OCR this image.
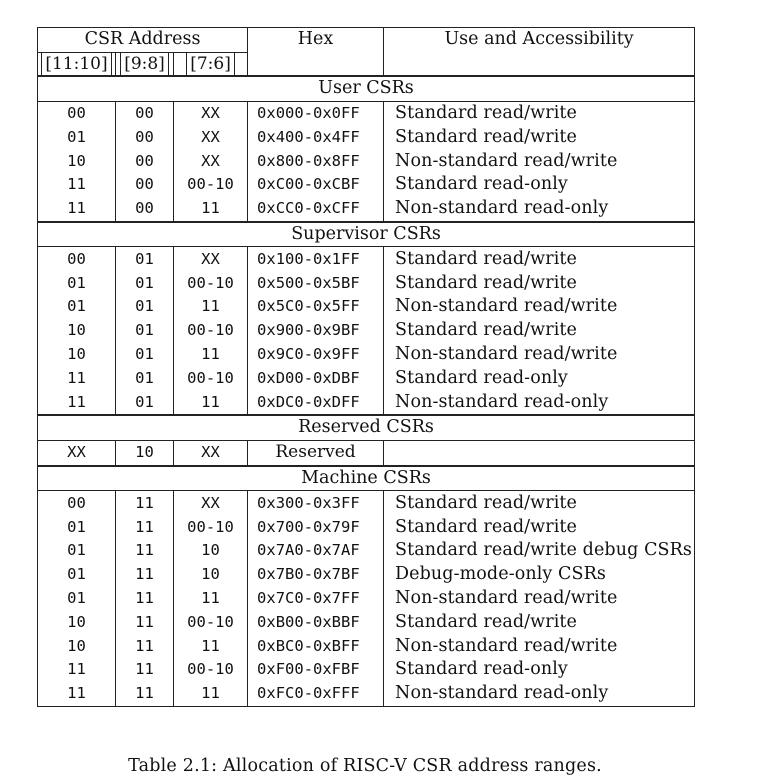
CSR Address			Hex	Use and Accessibility
[11:10]	[9:8]	[7:6]		
User CSRs				
00	00	XX	0x000-0x0FF	Standard read/write
01	00	XX	0x400-0x4FF	Standard read/write
10	00	XX	0x800-0x8FF	Non-standard read/write
11	00	00-10	0xC00-0xCBF	Standard read-only
11	00	11	0xCC0-0xCFF	Non-standard read-only
Supervisor CSRs				
00	01	XX	0x100-0x1FF	Standard read/write
01	01	00-10	0x500-0x5BF	Standard read/write
01	01	11	0x5C0-0x5FF	Non-standard read/write
10	01	00-10	0x900-0x9BF	Standard read/write
10	01	11	0x9C0-0x9FF	Non-standard read/write
11	01	00-10	0xD00-0xDBF	Standard read-only
11	01	11	0xDC0-0xDFF	Non-standard read-only
Reserved CSRs				
XX	10	XX	Reserved	
Machine CSRs				
00	11	XX	0x300-0x3FF	Standard read/write
01	11	00-10	0x700-0x79F	Standard read/write
01	11	10	0x7A0-0x7AF	Standard read/write debug CSRs
01	11	10	0x7B0-0x7BF	Debug-mode-only CSRs
01	11	11	0x7C0-0x7FF	Non-standard read/write
10	11	00-10	0xB00-0xBBF	Standard read/write
10	11	11	0xBC0-0xBFF	Non-standard read/write
11	11	00-10	0xF00-0xFBF	Standard read-only
11	11	11	0xFC0-0xFFF	Non-standard read-only
Table 2.1: Allocation of RISC-V CSR address ranges.
